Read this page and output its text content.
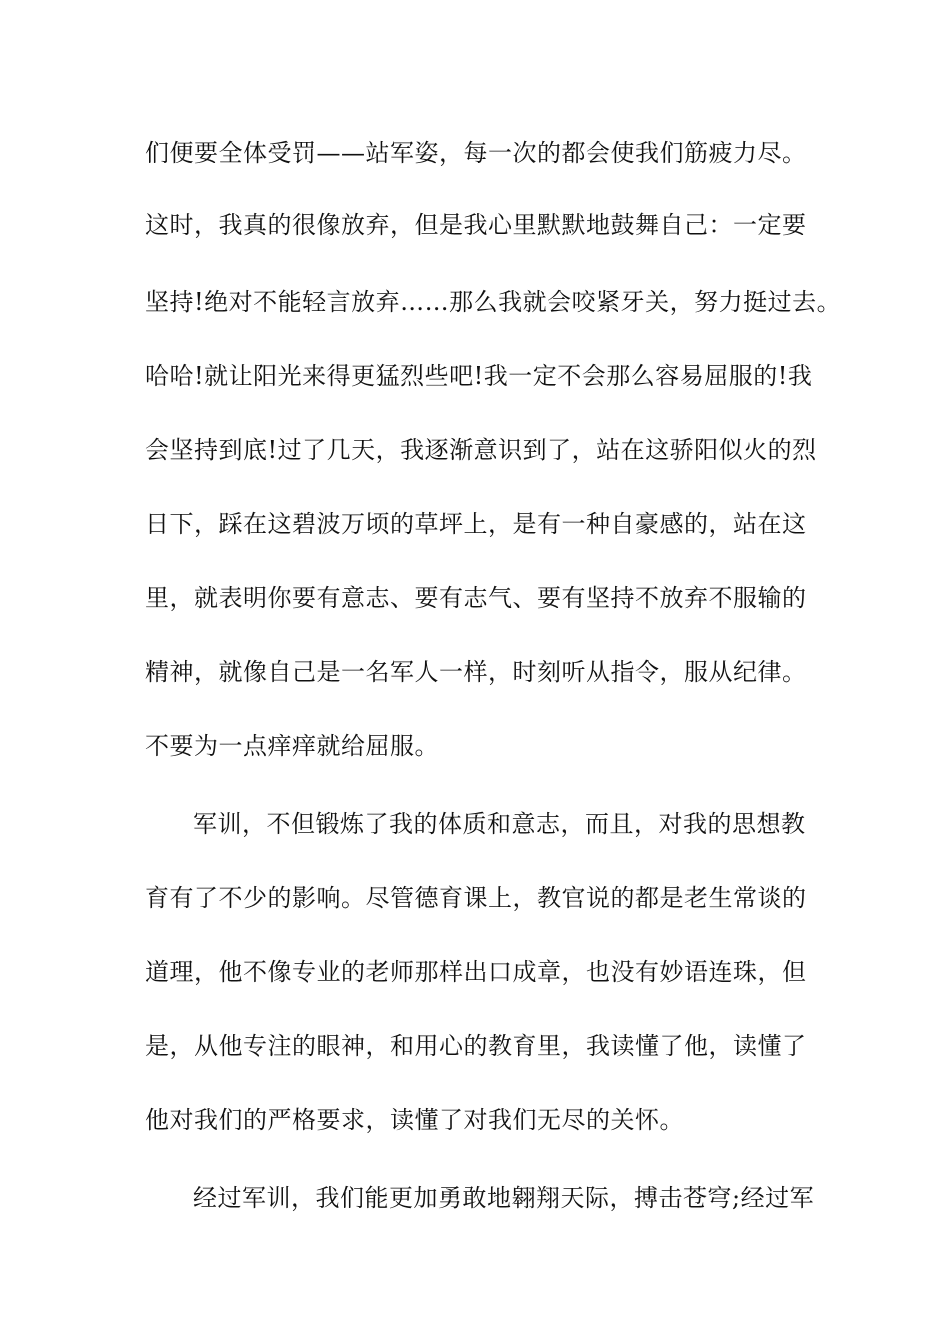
们便要全体受罚——站军姿，每一次的都会使我们筋疲力尽。
这时，我真的很像放弃，但是我心里默默地鼓舞自己：一定要
坚持!绝对不能轻言放弃……那么我就会咬紧牙关，努力挺过去。
哈哈!就让阳光来得更猛烈些吧!我一定不会那么容易屈服的!我
会坚持到底!过了几天，我逐渐意识到了，站在这骄阳似火的烈
日下，踩在这碧波万顷的草坪上，是有一种自豪感的，站在这
里，就表明你要有意志、要有志气、要有坚持不放弃不服输的
精神，就像自己是一名军人一样，时刻听从指令，服从纪律。
不要为一点痒痒就给屈服。
军训，不但锻炼了我的体质和意志，而且，对我的思想教
育有了不少的影响。尽管德育课上，教官说的都是老生常谈的
道理，他不像专业的老师那样出口成章，也没有妙语连珠，但
是，从他专注的眼神，和用心的教育里，我读懂了他，读懂了
他对我们的严格要求，读懂了对我们无尽的关怀。
经过军训，我们能更加勇敢地翱翔天际，搏击苍穹;经过军
